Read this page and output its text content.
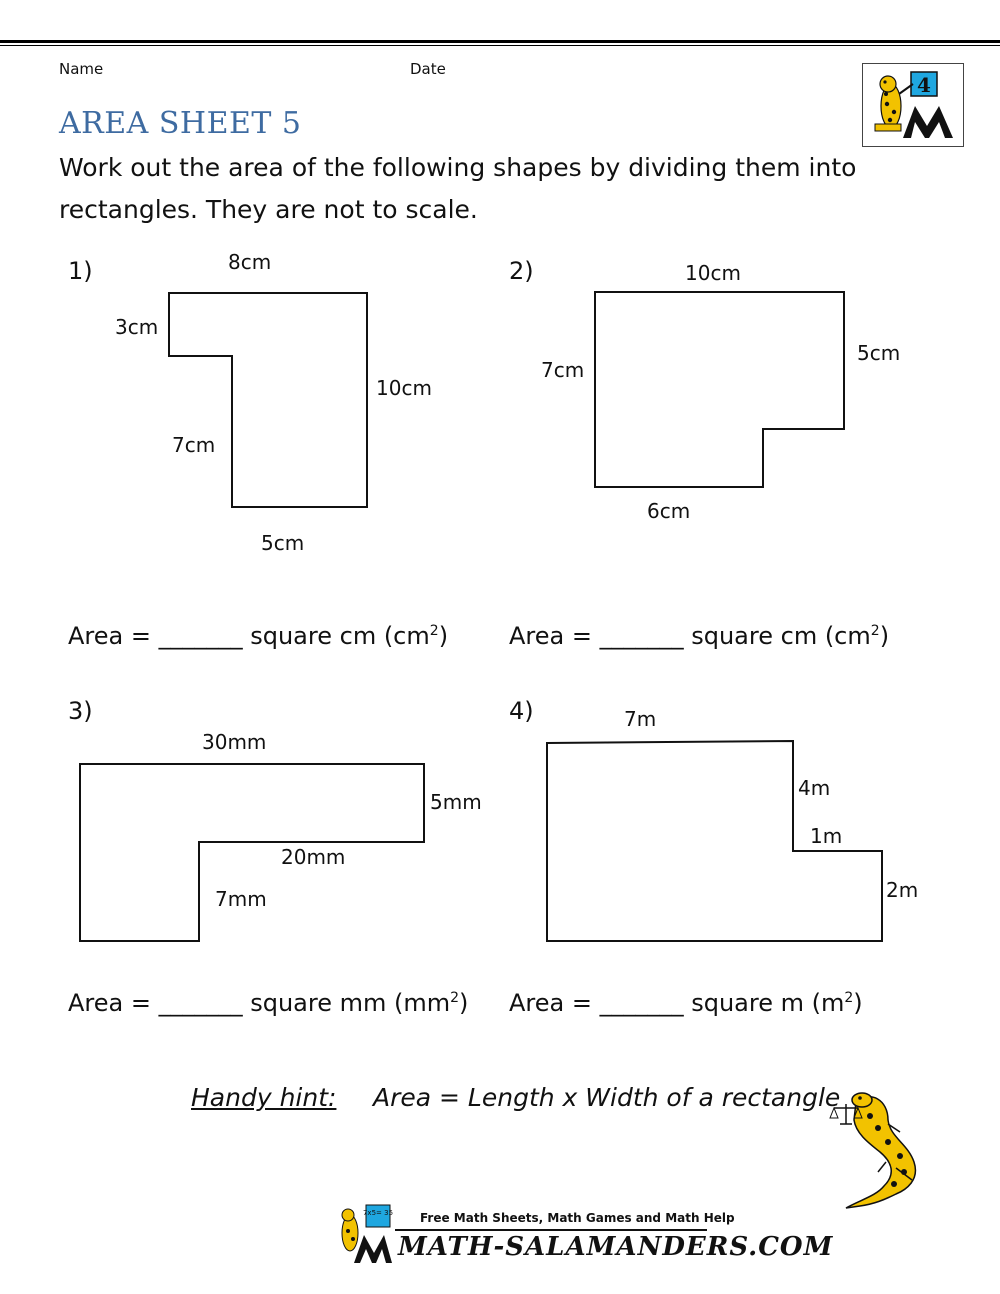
Name	Date
4
AREA SHEET 5
Work out the area of the following shapes by dividing them into rectangles. They are not to scale.
1)	8cm
3cm
10cm
7cm
5cm
Area = _______ square cm $(cm^2)$
2)	10cm
5cm
7cm
6cm
Area = _______ square cm $(cm^2)$
3)
30mm
5mm
20mm
7mm
Area = _______ square mm $(mm^2)$
4)	7m
4m
1m
2m
Area = _______ square m $(m^2)$
Handy hint: Area = Length x Width of a rectangle
Free Math Sheets, Math Games and Math Help
7x5= 35
MATH-SALAMANDERS.COM
